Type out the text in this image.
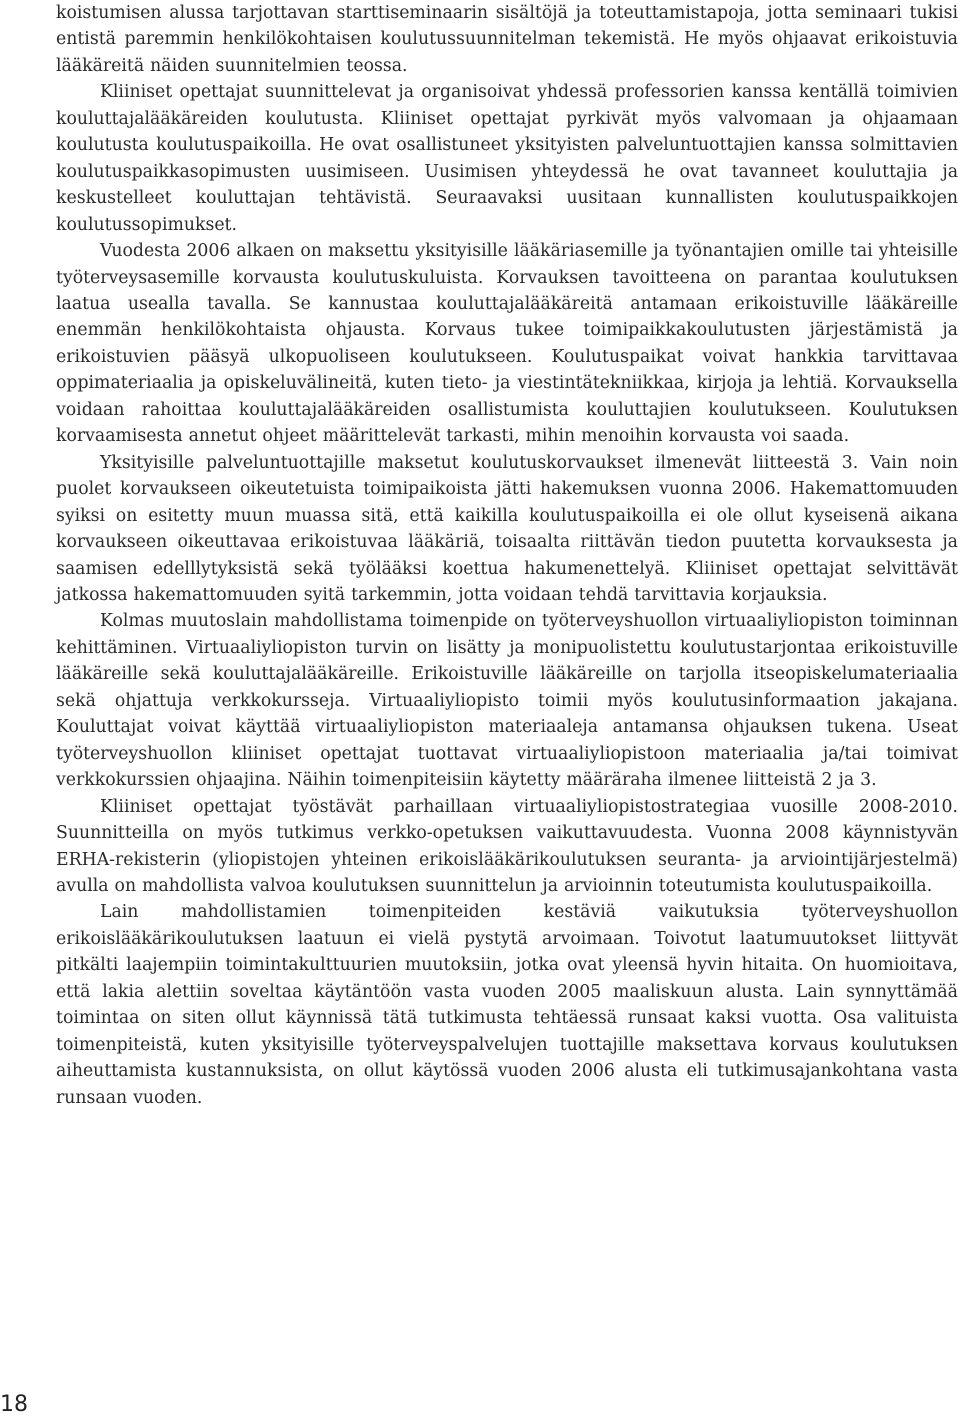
koistumisen alussa tarjottavan starttiseminaarin sisältöjä ja toteuttamistapoja, jotta seminaari tukisi entistä paremmin henkilökohtaisen koulutussuunnitelman tekemistä. He myös ohjaavat erikoistuvia lääkäreitä näiden suunnitelmien teossa.

Kliiniset opettajat suunnittelevat ja organisoivat yhdessä professorien kanssa kentällä toimivien kouluttajalääkäreiden koulutusta. Kliiniset opettajat pyrkivät myös valvomaan ja ohjaamaan koulutusta koulutuspaikoilla. He ovat osallistuneet yksityisten palveluntuottajien kanssa solmittavien koulutuspaikkasopimusten uusimiseen. Uusimisen yhteydessä he ovat tavanneet kouluttajia ja keskustelleet kouluttajan tehtävistä. Seuraavaksi uusitaan kunnallisten koulutuspaikkojen koulutussopimukset.

Vuodesta 2006 alkaen on maksettu yksityisille lääkäriasemille ja työnantajien omille tai yhteisille työterveysasemille korvausta koulutuskuluista. Korvauksen tavoitteena on parantaa koulutuksen laatua usealla tavalla. Se kannustaa kouluttajalääkäreitä antamaan erikoistuville lääkäreille enemmän henkilökohtaista ohjausta. Korvaus tukee toimipaikkakoulutusten järjestämistä ja erikoistuvien pääsyä ulkopuoliseen koulutukseen. Koulutuspaikat voivat hankkia tarvittavaa oppimateriaalia ja opiskeluvälineitä, kuten tieto- ja viestintätekniikkaa, kirjoja ja lehtiä. Korvauksella voidaan rahoittaa kouluttajalääkäreiden osallistumista kouluttajien koulutukseen. Koulutuksen korvaamisesta annetut ohjeet määrittelevät tarkasti, mihin menoihin korvausta voi saada.

Yksityisille palveluntuottajille maksetut koulutuskorvaukset ilmenevät liitteestä 3. Vain noin puolet korvaukseen oikeutetuista toimipaikoista jätti hakemuksen vuonna 2006. Hakemattomuuden syiksi on esitetty muun muassa sitä, että kaikilla koulutuspaikoilla ei ole ollut kyseisenä aikana korvaukseen oikeuttavaa erikoistuvaa lääkäriä, toisaalta riittävän tiedon puutetta korvauksesta ja saamisen edelllytyksistä sekä työlääksi koettua hakumenettelyä. Kliiniset opettajat selvittävät jatkossa hakemattomuuden syitä tarkemmin, jotta voidaan tehdä tarvittavia korjauksia.

Kolmas muutoslain mahdollistama toimenpide on työterveyshuollon virtuaaliyliopiston toiminnan kehittäminen. Virtuaaliyliopiston turvin on lisätty ja monipuolistettu koulutustarjontaa erikoistuville lääkäreille sekä kouluttajalääkäreille. Erikoistuville lääkäreille on tarjolla itseopiskelumateriaalia sekä ohjattuja verkkokursseja. Virtuaaliyliopisto toimii myös koulutusinformaation jakajana. Kouluttajat voivat käyttää virtuaaliyliopiston materiaaleja antamansa ohjauksen tukena. Useat työterveyshuollon kliiniset opettajat tuottavat virtuaaliyliopistoon materiaalia ja/tai toimivat verkkokurssien ohjaajina. Näihin toimenpiteisiin käytetty määräraha ilmenee liitteistä 2 ja 3.

Kliiniset opettajat työstävät parhaillaan virtuaaliyliopistostrategiaa vuosille 2008-2010. Suunnitteilla on myös tutkimus verkko-opetuksen vaikuttavuudesta. Vuonna 2008 käynnistyvän ERHA-rekisterin (yliopistojen yhteinen erikoislääkärikoulutuksen seuranta- ja arviointijärjestelmä) avulla on mahdollista valvoa koulutuksen suunnittelun ja arvioinnin toteutumista koulutuspaikoilla.

Lain mahdollistamien toimenpiteiden kestäviä vaikutuksia työterveyshuollon erikoislääkärikoulutuksen laatuun ei vielä pystytä arvoimaan. Toivotut laatumuutokset liittyvät pitkälti laajempiin toimintakulttuurien muutoksiin, jotka ovat yleensä hyvin hitaita. On huomioitava, että lakia alettiin soveltaa käytäntöön vasta vuoden 2005 maaliskuun alusta. Lain synnyttämää toimintaa on siten ollut käynnissä tätä tutkimusta tehtäessä runsaat kaksi vuotta. Osa valituista toimenpiteistä, kuten yksityisille työterveyspalvelujen tuottajille maksettava korvaus koulutuksen aiheuttamista kustannuksista, on ollut käytössä vuoden 2006 alusta eli tutkimusajankohtana vasta runsaan vuoden.

18
